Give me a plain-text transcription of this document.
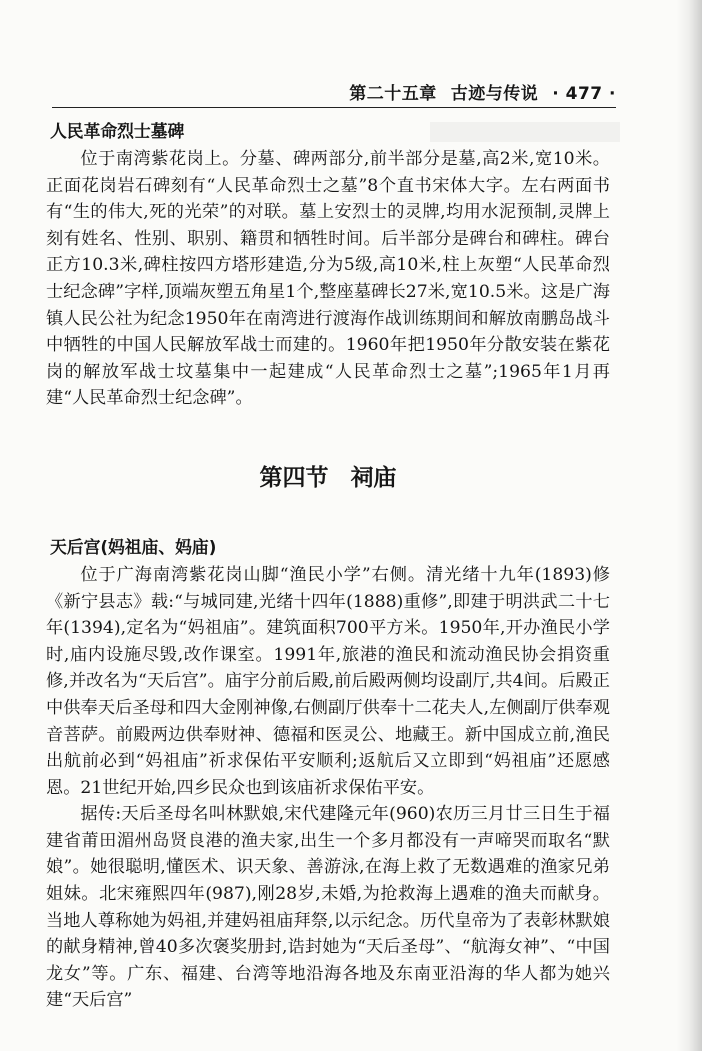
第二十五章 古迹与传说 · 477 ·
人民革命烈士墓碑

位于南湾紫花岗上。分墓、碑两部分,前半部分是墓,高2米,宽10米。正面花岗岩石碑刻有“人民革命烈士之墓”8个直书宋体大字。左右两面书有“生的伟大,死的光荣”的对联。墓上安烈士的灵牌,均用水泥预制,灵牌上刻有姓名、性别、职别、籍贯和牺牲时间。后半部分是碑台和碑柱。碑台正方10.3米,碑柱按四方塔形建造,分为5级,高10米,柱上灰塑“人民革命烈士纪念碑”字样,顶端灰塑五角星1个,整座墓碑长27米,宽10.5米。这是广海镇人民公社为纪念1950年在南湾进行渡海作战训练期间和解放南鹏岛战斗中牺牲的中国人民解放军战士而建的。1960年把1950年分散安装在紫花岗的解放军战士坟墓集中一起建成“人民革命烈士之墓”;1965年1月再建“人民革命烈士纪念碑”。

第四节 祠庙
天后宫(妈祖庙、妈庙)

位于广海南湾紫花岗山脚“渔民小学”右侧。清光绪十九年(1893)修《新宁县志》载:“与城同建,光绪十四年(1888)重修”,即建于明洪武二十七年(1394),定名为“妈祖庙”。建筑面积700平方米。1950年,开办渔民小学时,庙内设施尽毁,改作课室。1991年,旅港的渔民和流动渔民协会捐资重修,并改名为“天后宫”。庙宇分前后殿,前后殿两侧均设副厅,共4间。后殿正中供奉天后圣母和四大金刚神像,右侧副厅供奉十二花夫人,左侧副厅供奉观音菩萨。前殿两边供奉财神、德福和医灵公、地藏王。新中国成立前,渔民出航前必到“妈祖庙”祈求保佑平安顺利;返航后又立即到“妈祖庙”还愿感恩。21世纪开始,四乡民众也到该庙祈求保佑平安。

据传:天后圣母名叫林默娘,宋代建隆元年(960)农历三月廿三日生于福建省莆田湄州岛贤良港的渔夫家,出生一个多月都没有一声啼哭而取名“默娘”。她很聪明,懂医术、识天象、善游泳,在海上救了无数遇难的渔家兄弟姐妹。北宋雍熙四年(987),刚28岁,未婚,为抢救海上遇难的渔夫而献身。当地人尊称她为妈祖,并建妈祖庙拜祭,以示纪念。历代皇帝为了表彰林默娘的献身精神,曾40多次褒奖册封,诰封她为“天后圣母”、“航海女神”、“中国龙女”等。广东、福建、台湾等地沿海各地及东南亚沿海的华人都为她兴建“天后宫”
